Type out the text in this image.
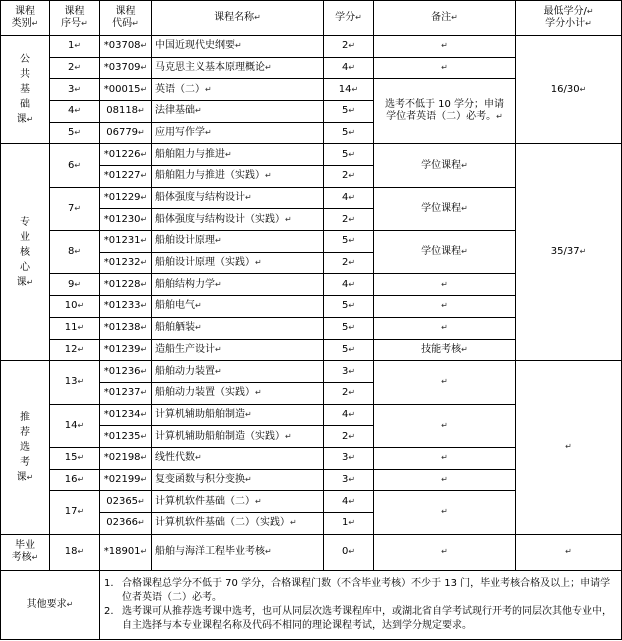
课程
类别↵	课程
序号↵	课程
代码↵	课程名称↵	学分↵	备注↵	最低学分/↵
学分小计↵
公
共
基
础
课↵	1↵	*03708↵	中国近现代史纲要↵	2↵	↵	16/30↵
	2↵	*03709↵	马克思主义基本原理概论↵	4↵	↵	
	3↵	*00015↵	英语（二）↵	14↵	选考不低于 10 学分；申请
学位者英语（二）必考。↵	
	4↵	08118↵	法律基础↵	5↵		
	5↵	06779↵	应用写作学↵	5↵		
专
业
核
心
课↵	6↵	*01226↵	船舶阻力与推进↵	5↵	学位课程↵	35/37↵
		*01227↵	船舶阻力与推进（实践）↵	2↵		
	7↵	*01229↵	船体强度与结构设计↵	4↵	学位课程↵	
		*01230↵	船体强度与结构设计（实践）↵	2↵		
	8↵	*01231↵	船舶设计原理↵	5↵	学位课程↵	
		*01232↵	船舶设计原理（实践）↵	2↵		
	9↵	*01228↵	船舶结构力学↵	4↵	↵	
	10↵	*01233↵	船舶电气↵	5↵	↵	
	11↵	*01238↵	船舶舾装↵	5↵	↵	
	12↵	*01239↵	造船生产设计↵	5↵	技能考核↵	
推
荐
选
考
课↵	13↵	*01236↵	船舶动力装置↵	3↵	↵	↵
		*01237↵	船舶动力装置（实践）↵	2↵		
	14↵	*01234↵	计算机辅助船舶制造↵	4↵	↵	
		*01235↵	计算机辅助船舶制造（实践）↵	2↵		
	15↵	*02198↵	线性代数↵	3↵	↵	
	16↵	*02199↵	复变函数与积分变换↵	3↵	↵	
	17↵	02365↵	计算机软件基础（二）↵	4↵	↵	
		02366↵	计算机软件基础（二）（实践）↵	1↵		
毕业
考核↵	18↵	*18901↵	船舶与海洋工程毕业考核↵	0↵	↵	↵
其他要求↵		1. 合格课程总学分不低于 70 学分，合格课程门数（不含毕业考核）不少于 13 门，毕业考核合格及以上；申请学位者英语（二）必考。
2. 选考课可从推荐选考课中选考，也可从同层次选考课程库中，或湖北省自学考试现行开考的同层次其他专业中，自主选择与本专业课程名称及代码不相同的理论课程考试，达到学分规定要求。				
